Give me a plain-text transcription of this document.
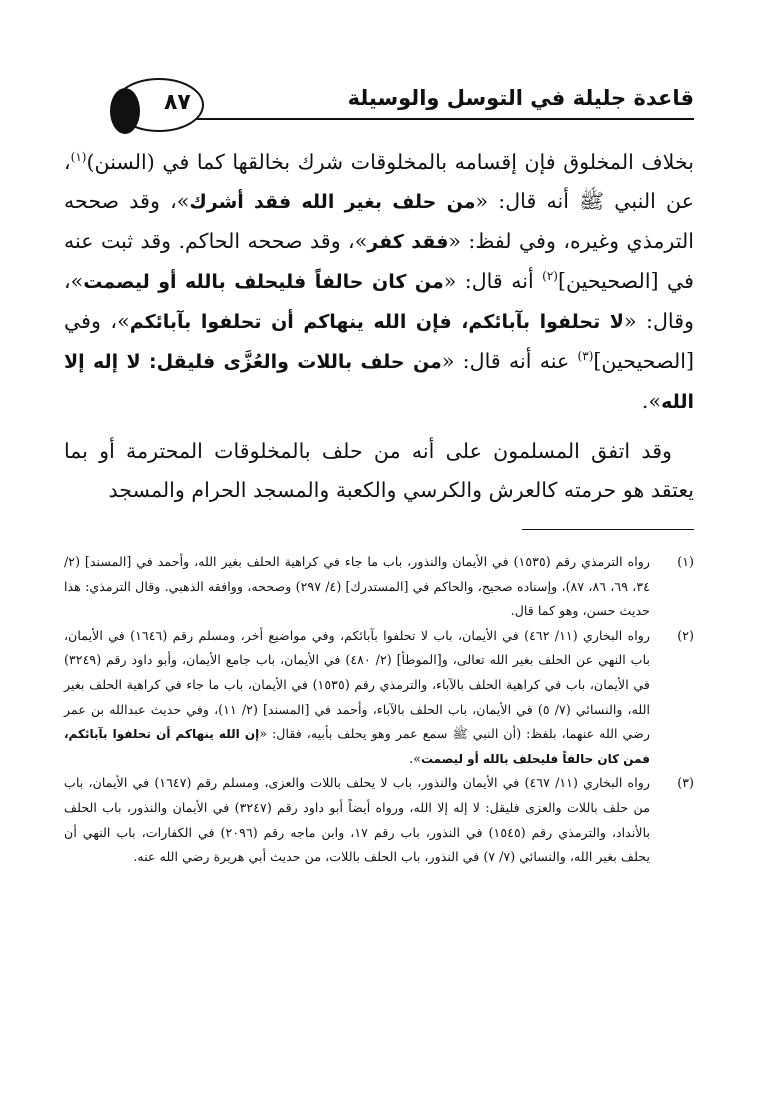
قاعدة جليلة في التوسل والوسيلة
٨٧

بخلاف المخلوق فإن إقسامه بالمخلوقات شرك بخالقها كما في (السنن)$^{(١)}$، عن النبي ﷺ أنه قال: «من حلف بغير الله فقد أشرك»، وقد صححه الترمذي وغيره، وفي لفظ: «فقد كفر»، وقد صححه الحاكم. وقد ثبت عنه في [الصحيحين]$^{(٢)}$ أنه قال: «من كان حالفاً فليحلف بالله أو ليصمت»، وقال: «لا تحلفوا بآبائكم، فإن الله ينهاكم أن تحلفوا بآبائكم»، وفي [الصحيحين]$^{(٣)}$ عنه أنه قال: «من حلف باللات والعُزَّى فليقل: لا إله إلا الله».

وقد اتفق المسلمون على أنه من حلف بالمخلوقات المحترمة أو بما يعتقد هو حرمته كالعرش والكرسي والكعبة والمسجد الحرام والمسجد

(١)
رواه الترمذي رقم (١٥٣٥) في الأيمان والنذور، باب ما جاء في كراهية الحلف بغير الله، وأحمد في [المسند] (٢/ ٣٤، ٦٩، ٨٦، ٨٧)، وإسناده صحيح، والحاكم في [المستدرك] (٤/ ٢٩٧) وصححه، ووافقه الذهبي. وقال الترمذي: هذا حديث حسن، وهو كما قال.
(٢)
رواه البخاري (١١/ ٤٦٢) في الأيمان، باب لا تحلفوا بآبائكم، وفي مواضيع أخر، ومسلم رقم (١٦٤٦) في الأيمان، باب النهي عن الحلف بغير الله تعالى، و[الموطأ] (٢/ ٤٨٠) في الأيمان، باب جامع الأيمان، وأبو داود رقم (٣٢٤٩) في الأيمان، باب في كراهية الحلف بالآباء، والترمذي رقم (١٥٣٥) في الأيمان، باب ما جاء في كراهية الحلف بغير الله، والنسائي (٧/ ٥) في الأيمان، باب الحلف بالآباء، وأحمد في [المسند] (٢/ ١١)، وفي حديث عبدالله بن عمر رضي الله عنهما، بلفظ: (أن النبي ﷺ سمع عمر وهو يحلف بأبيه، فقال: «إن الله ينهاكم أن تحلفوا بآبائكم، فمن كان حالفاً فليحلف بالله أو ليصمت».
(٣)
رواه البخاري (١١/ ٤٦٧) في الأيمان والنذور، باب لا يحلف باللات والعزى، ومسلم رقم (١٦٤٧) في الأيمان، باب من حلف باللات والعزى فليقل: لا إله إلا الله، ورواه أيضاً أبو داود رقم (٣٢٤٧) في الأيمان والنذور، باب الحلف بالأنداد، والترمذي رقم (١٥٤٥) في النذور، باب رقم ١٧، وابن ماجه رقم (٢٠٩٦) في الكفارات، باب النهي أن يحلف بغير الله، والنسائي (٧/ ٧) في النذور، باب الحلف باللات، من حديث أبي هريرة رضي الله عنه.
